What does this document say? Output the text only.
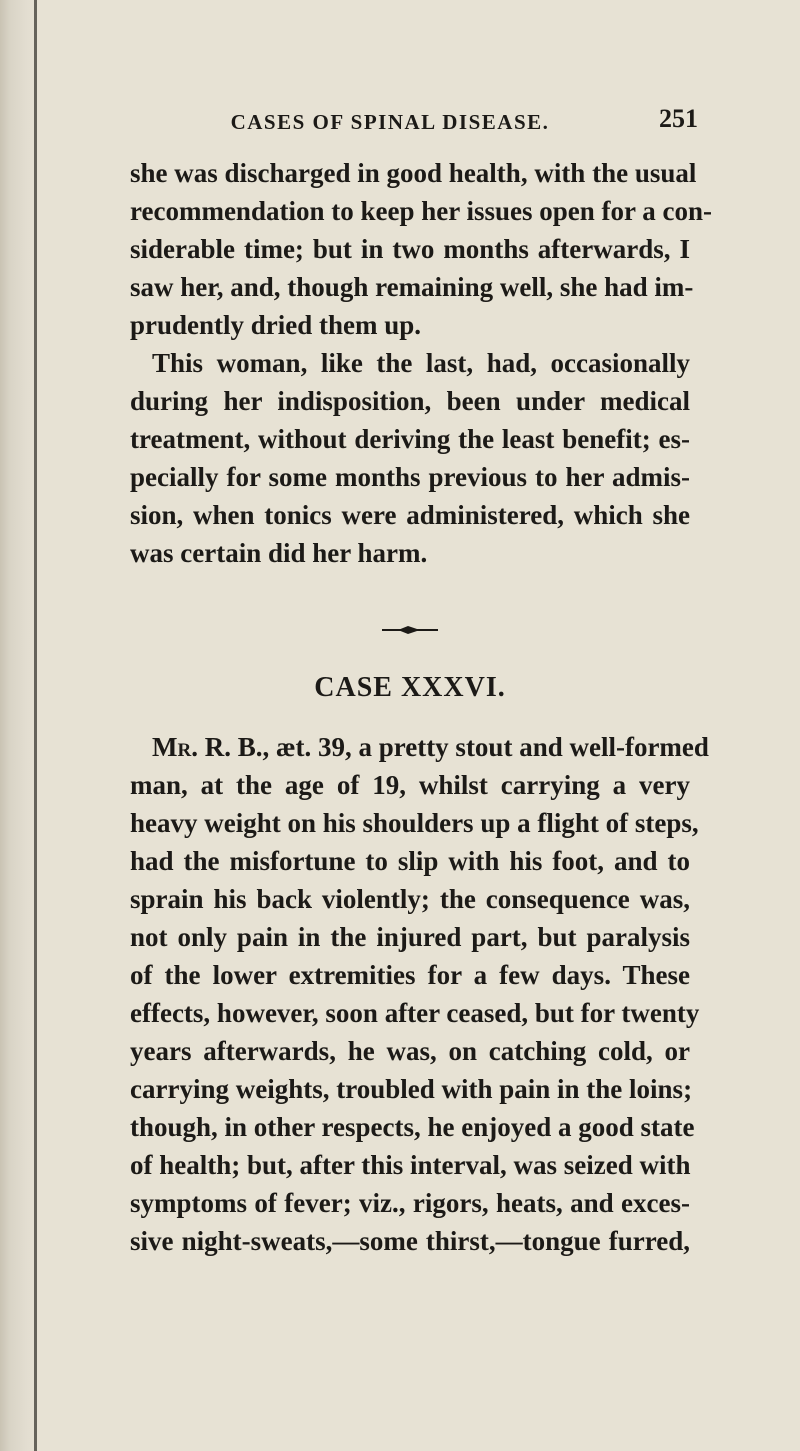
CASES OF SPINAL DISEASE.	251

she was discharged in good health, with the usual
recommendation to keep her issues open for a con-
siderable time; but in two months afterwards, I
saw her, and, though remaining well, she had im-
prudently dried them up.

This woman, like the last, had, occasionally
during her indisposition, been under medical
treatment, without deriving the least benefit; es-
pecially for some months previous to her admis-
sion, when tonics were administered, which she
was certain did her harm.

CASE XXXVI.

Mr. R. B., æt. 39, a pretty stout and well-formed
man, at the age of 19, whilst carrying a very
heavy weight on his shoulders up a flight of steps,
had the misfortune to slip with his foot, and to
sprain his back violently; the consequence was,
not only pain in the injured part, but paralysis
of the lower extremities for a few days. These
effects, however, soon after ceased, but for twenty
years afterwards, he was, on catching cold, or
carrying weights, troubled with pain in the loins;
though, in other respects, he enjoyed a good state
of health; but, after this interval, was seized with
symptoms of fever; viz., rigors, heats, and exces-
sive night-sweats,—some thirst,—tongue furred,
